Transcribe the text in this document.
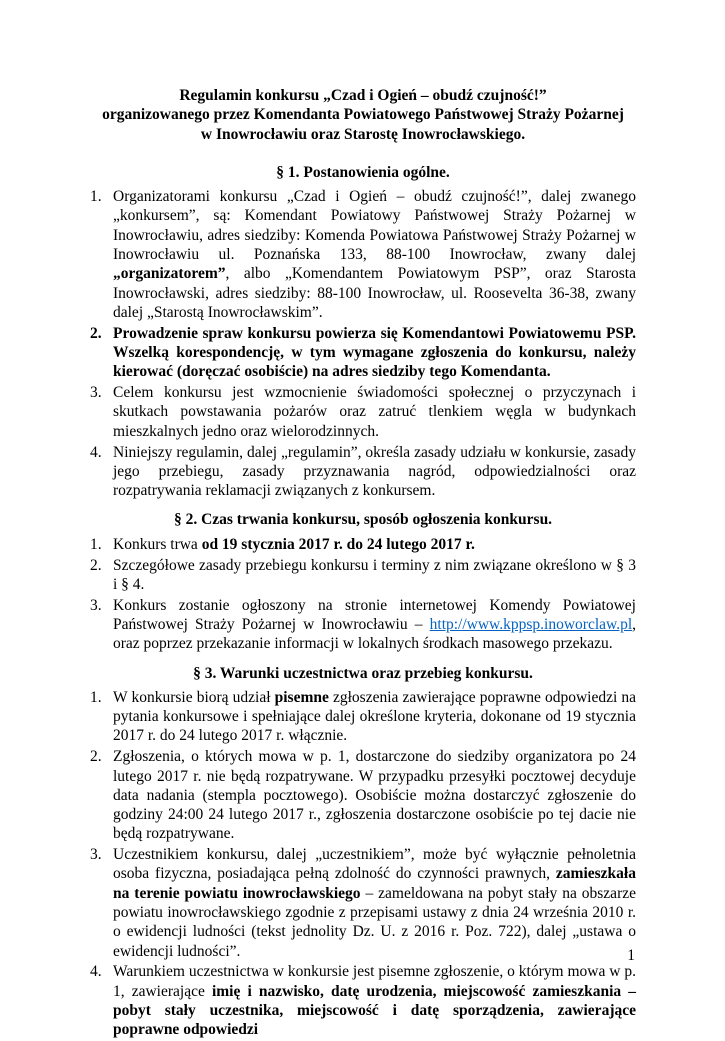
Regulamin konkursu „Czad i Ogień – obudź czujność!”
organizowanego przez Komendanta Powiatowego Państwowej Straży Pożarnej
w Inowrocławiu oraz Starostę Inowrocławskiego.
§ 1. Postanowienia ogólne.
1. Organizatorami konkursu „Czad i Ogień – obudź czujność!”, dalej zwanego „konkursem”, są: Komendant Powiatowy Państwowej Straży Pożarnej w Inowrocławiu, adres siedziby: Komenda Powiatowa Państwowej Straży Pożarnej w Inowrocławiu ul. Poznańska 133, 88-100 Inowrocław, zwany dalej „organizatorem”, albo „Komendantem Powiatowym PSP”, oraz Starosta Inowrocławski, adres siedziby: 88-100 Inowrocław, ul. Roosevelta 36-38, zwany dalej „Starostą Inowrocławskim”.
2. Prowadzenie spraw konkursu powierza się Komendantowi Powiatowemu PSP. Wszelką korespondencję, w tym wymagane zgłoszenia do konkursu, należy kierować (doręczać osobiście) na adres siedziby tego Komendanta.
3. Celem konkursu jest wzmocnienie świadomości społecznej o przyczynach i skutkach powstawania pożarów oraz zatruć tlenkiem węgla w budynkach mieszkalnych jedno oraz wielorodzinnych.
4. Niniejszy regulamin, dalej „regulamin”, określa zasady udziału w konkursie, zasady jego przebiegu, zasady przyznawania nagród, odpowiedzialności oraz rozpatrywania reklamacji związanych z konkursem.
§ 2. Czas trwania konkursu, sposób ogłoszenia konkursu.
1. Konkurs trwa od 19 stycznia 2017 r. do 24 lutego 2017 r.
2. Szczegółowe zasady przebiegu konkursu i terminy z nim związane określono w § 3 i § 4.
3. Konkurs zostanie ogłoszony na stronie internetowej Komendy Powiatowej Państwowej Straży Pożarnej w Inowrocławiu – http://www.kppsp.inoworclaw.pl, oraz poprzez przekazanie informacji w lokalnych środkach masowego przekazu.
§ 3. Warunki uczestnictwa oraz przebieg konkursu.
1. W konkursie biorą udział pisemne zgłoszenia zawierające poprawne odpowiedzi na pytania konkursowe i spełniające dalej określone kryteria, dokonane od 19 stycznia 2017 r. do 24 lutego 2017 r. włącznie.
2. Zgłoszenia, o których mowa w p. 1, dostarczone do siedziby organizatora po 24 lutego 2017 r. nie będą rozpatrywane. W przypadku przesyłki pocztowej decyduje data nadania (stempla pocztowego). Osobiście można dostarczyć zgłoszenie do godziny 24:00 24 lutego 2017 r., zgłoszenia dostarczone osobiście po tej dacie nie będą rozpatrywane.
3. Uczestnikiem konkursu, dalej „uczestnikiem”, może być wyłącznie pełnoletnia osoba fizyczna, posiadająca pełną zdolność do czynności prawnych, zamieszkała na terenie powiatu inowrocławskiego – zameldowana na pobyt stały na obszarze powiatu inowrocławskiego zgodnie z przepisami ustawy z dnia 24 września 2010 r. o ewidencji ludności (tekst jednolity Dz. U. z 2016 r. Poz. 722), dalej „ustawa o ewidencji ludności”.
4. Warunkiem uczestnictwa w konkursie jest pisemne zgłoszenie, o którym mowa w p. 1, zawierające imię i nazwisko, datę urodzenia, miejscowość zamieszkania – pobyt stały uczestnika, miejscowość i datę sporządzenia, zawierające poprawne odpowiedzi
1
